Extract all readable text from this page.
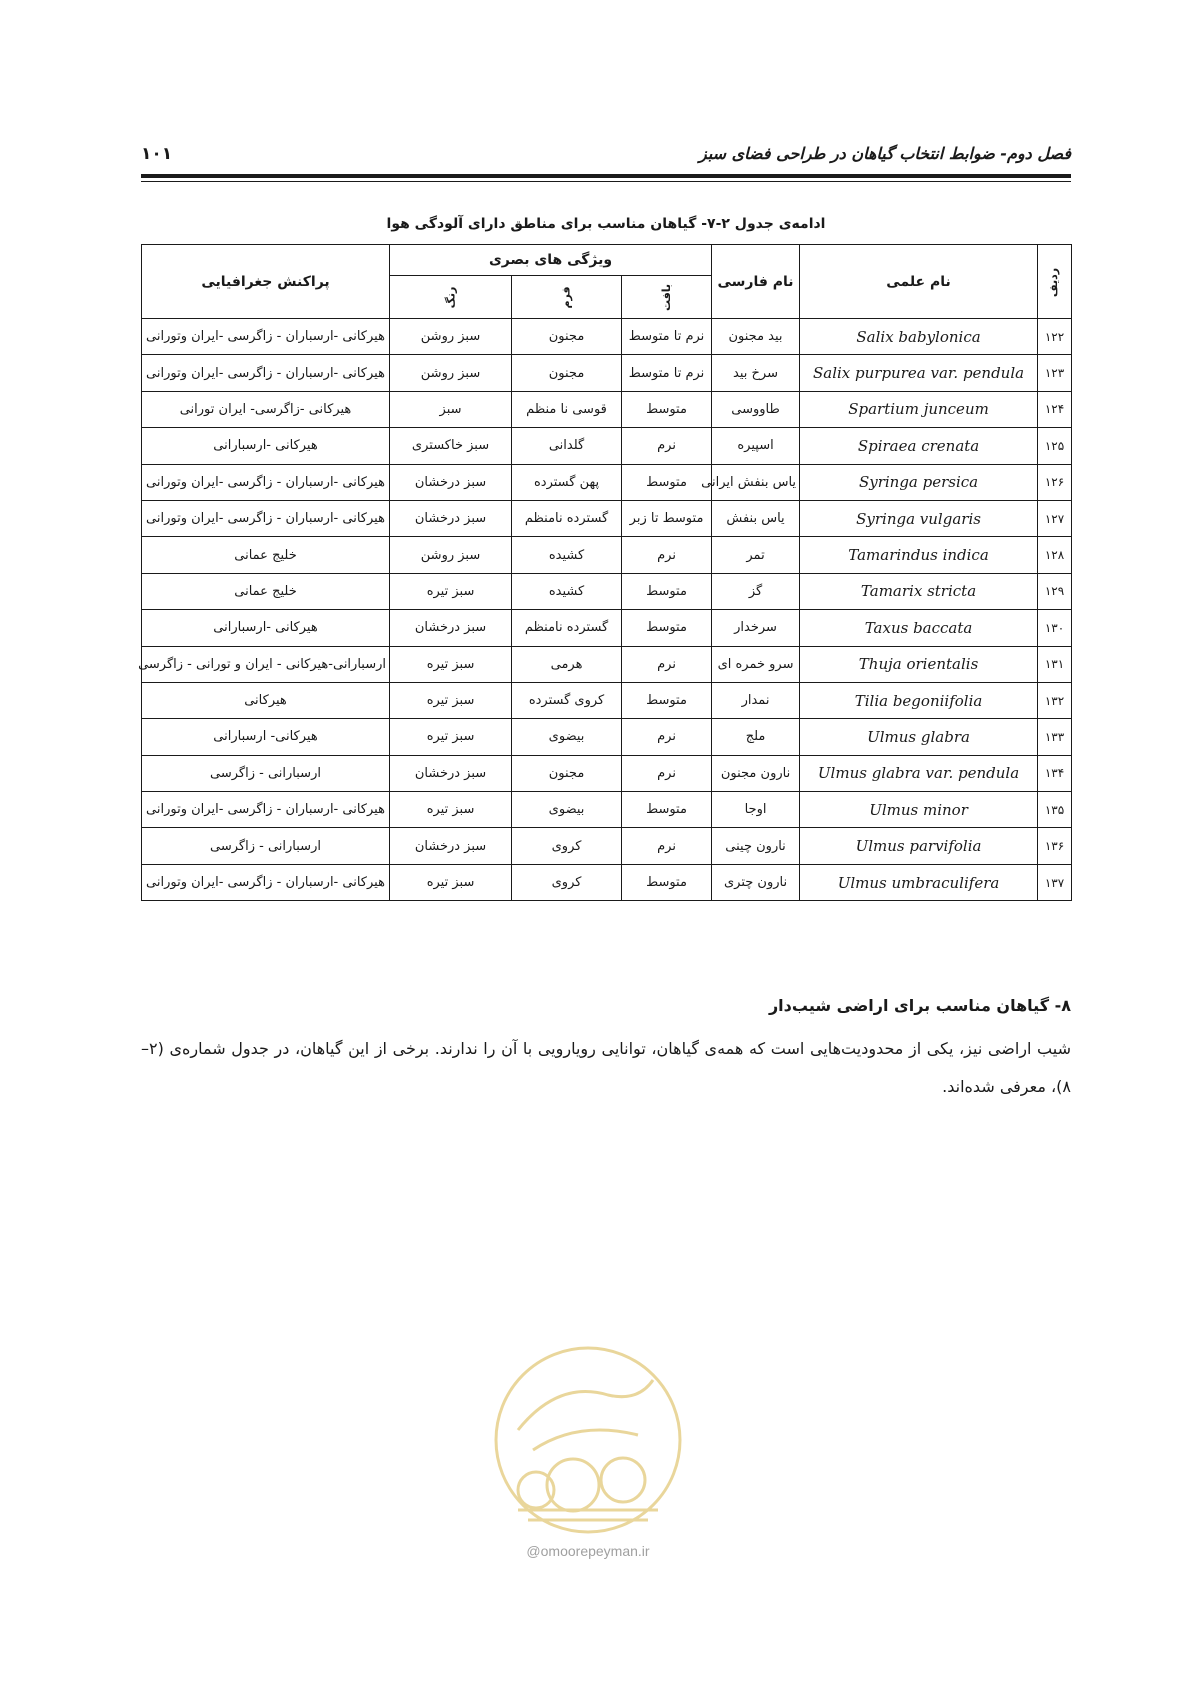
فصل دوم- ضوابط انتخاب گیاهان در طراحی فضای سبز
۱۰۱
ادامه‌ی جدول ۲-۷- گیاهان مناسب برای مناطق دارای آلودگی هوا
ردیف	نام علمی	نام فارسی	ویژگی های بصری			پراکنش جغرافیایی
			بافت	فرم	رنگ	
۱۲۲	Salix babylonica	بید مجنون	نرم تا متوسط	مجنون	سبز روشن	هیرکانی -ارسباران - زاگرسی -ایران وتورانی
۱۲۳	Salix purpurea var. pendula	سرخ بید	نرم تا متوسط	مجنون	سبز روشن	هیرکانی -ارسباران - زاگرسی -ایران وتورانی
۱۲۴	Spartium junceum	طاووسی	متوسط	قوسی نا منظم	سبز	هیرکانی -زاگرسی- ایران تورانی
۱۲۵	Spiraea crenata	اسپیره	نرم	گلدانی	سبز خاکستری	هیرکانی -ارسبارانی
۱۲۶	Syringa persica	یاس بنفش ایرانی	متوسط	پهن گسترده	سبز درخشان	هیرکانی -ارسباران - زاگرسی -ایران وتورانی
۱۲۷	Syringa vulgaris	یاس بنفش	متوسط تا زبر	گسترده نامنظم	سبز درخشان	هیرکانی -ارسباران - زاگرسی -ایران وتورانی
۱۲۸	Tamarindus indica	تمر	نرم	کشیده	سبز روشن	خلیج عمانی
۱۲۹	Tamarix stricta	گز	متوسط	کشیده	سبز تیره	خلیج عمانی
۱۳۰	Taxus baccata	سرخدار	متوسط	گسترده نامنظم	سبز درخشان	هیرکانی -ارسبارانی
۱۳۱	Thuja orientalis	سرو خمره ای	نرم	هرمی	سبز تیره	ارسبارانی-هیرکانی - ایران و تورانی - زاگرسی
۱۳۲	Tilia begoniifolia	نمدار	متوسط	کروی گسترده	سبز تیره	هیرکانی
۱۳۳	Ulmus glabra	ملج	نرم	بیضوی	سبز تیره	هیرکانی- ارسبارانی
۱۳۴	Ulmus glabra var. pendula	نارون مجنون	نرم	مجنون	سبز درخشان	ارسبارانی - زاگرسی
۱۳۵	Ulmus minor	اوجا	متوسط	بیضوی	سبز تیره	هیرکانی -ارسباران - زاگرسی -ایران وتورانی
۱۳۶	Ulmus parvifolia	نارون چینی	نرم	کروی	سبز درخشان	ارسبارانی - زاگرسی
۱۳۷	Ulmus umbraculifera	نارون چتری	متوسط	کروی	سبز تیره	هیرکانی -ارسباران - زاگرسی -ایران وتورانی
۸- گیاهان مناسب برای اراضی شیب‌دار
شیب اراضی نیز، یکی از محدودیت‌هایی است که همه‌ی گیاهان، توانایی رویارویی با آن را ندارند. برخی از این گیاهان، در جدول شماره‌ی (۲–۸)، معرفی شده‌اند.
@omoorepeyman.ir
